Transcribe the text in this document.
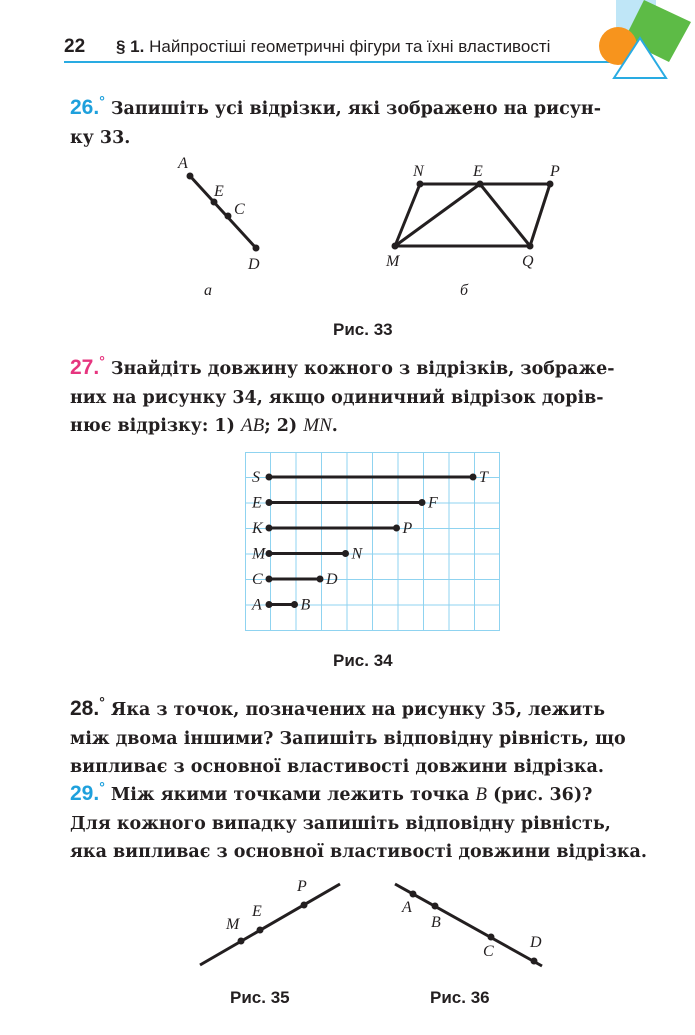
22 § 1. Найпростіші геометричні фігури та їхні властивості
26.° Запишіть усі відрізки, які зображено на рисун-
ку 33.
A
E
C
D
а
N	E	P
M	Q
б
Рис. 33
27.° Знайдіть довжину кожного з відрізків, зображе-
них на рисунку 34, якщо одиничний відрізок дорів-
нює відрізку: 1) AB; 2) MN.
S	T
E	F
K	P
M	N
C	D
A B
Рис. 34
28.° Яка з точок, позначених на рисунку 35, лежить
між двома іншими? Запишіть відповідну рівність, що
випливає з основної властивості довжини відрізка.
29.° Між якими точками лежить точка B (рис. 36)?
Для кожного випадку запишіть відповідну рівність,
яка випливає з основної властивості довжини відрізка.
M
E
P
A
B
C
D
Рис. 35	Рис. 36
